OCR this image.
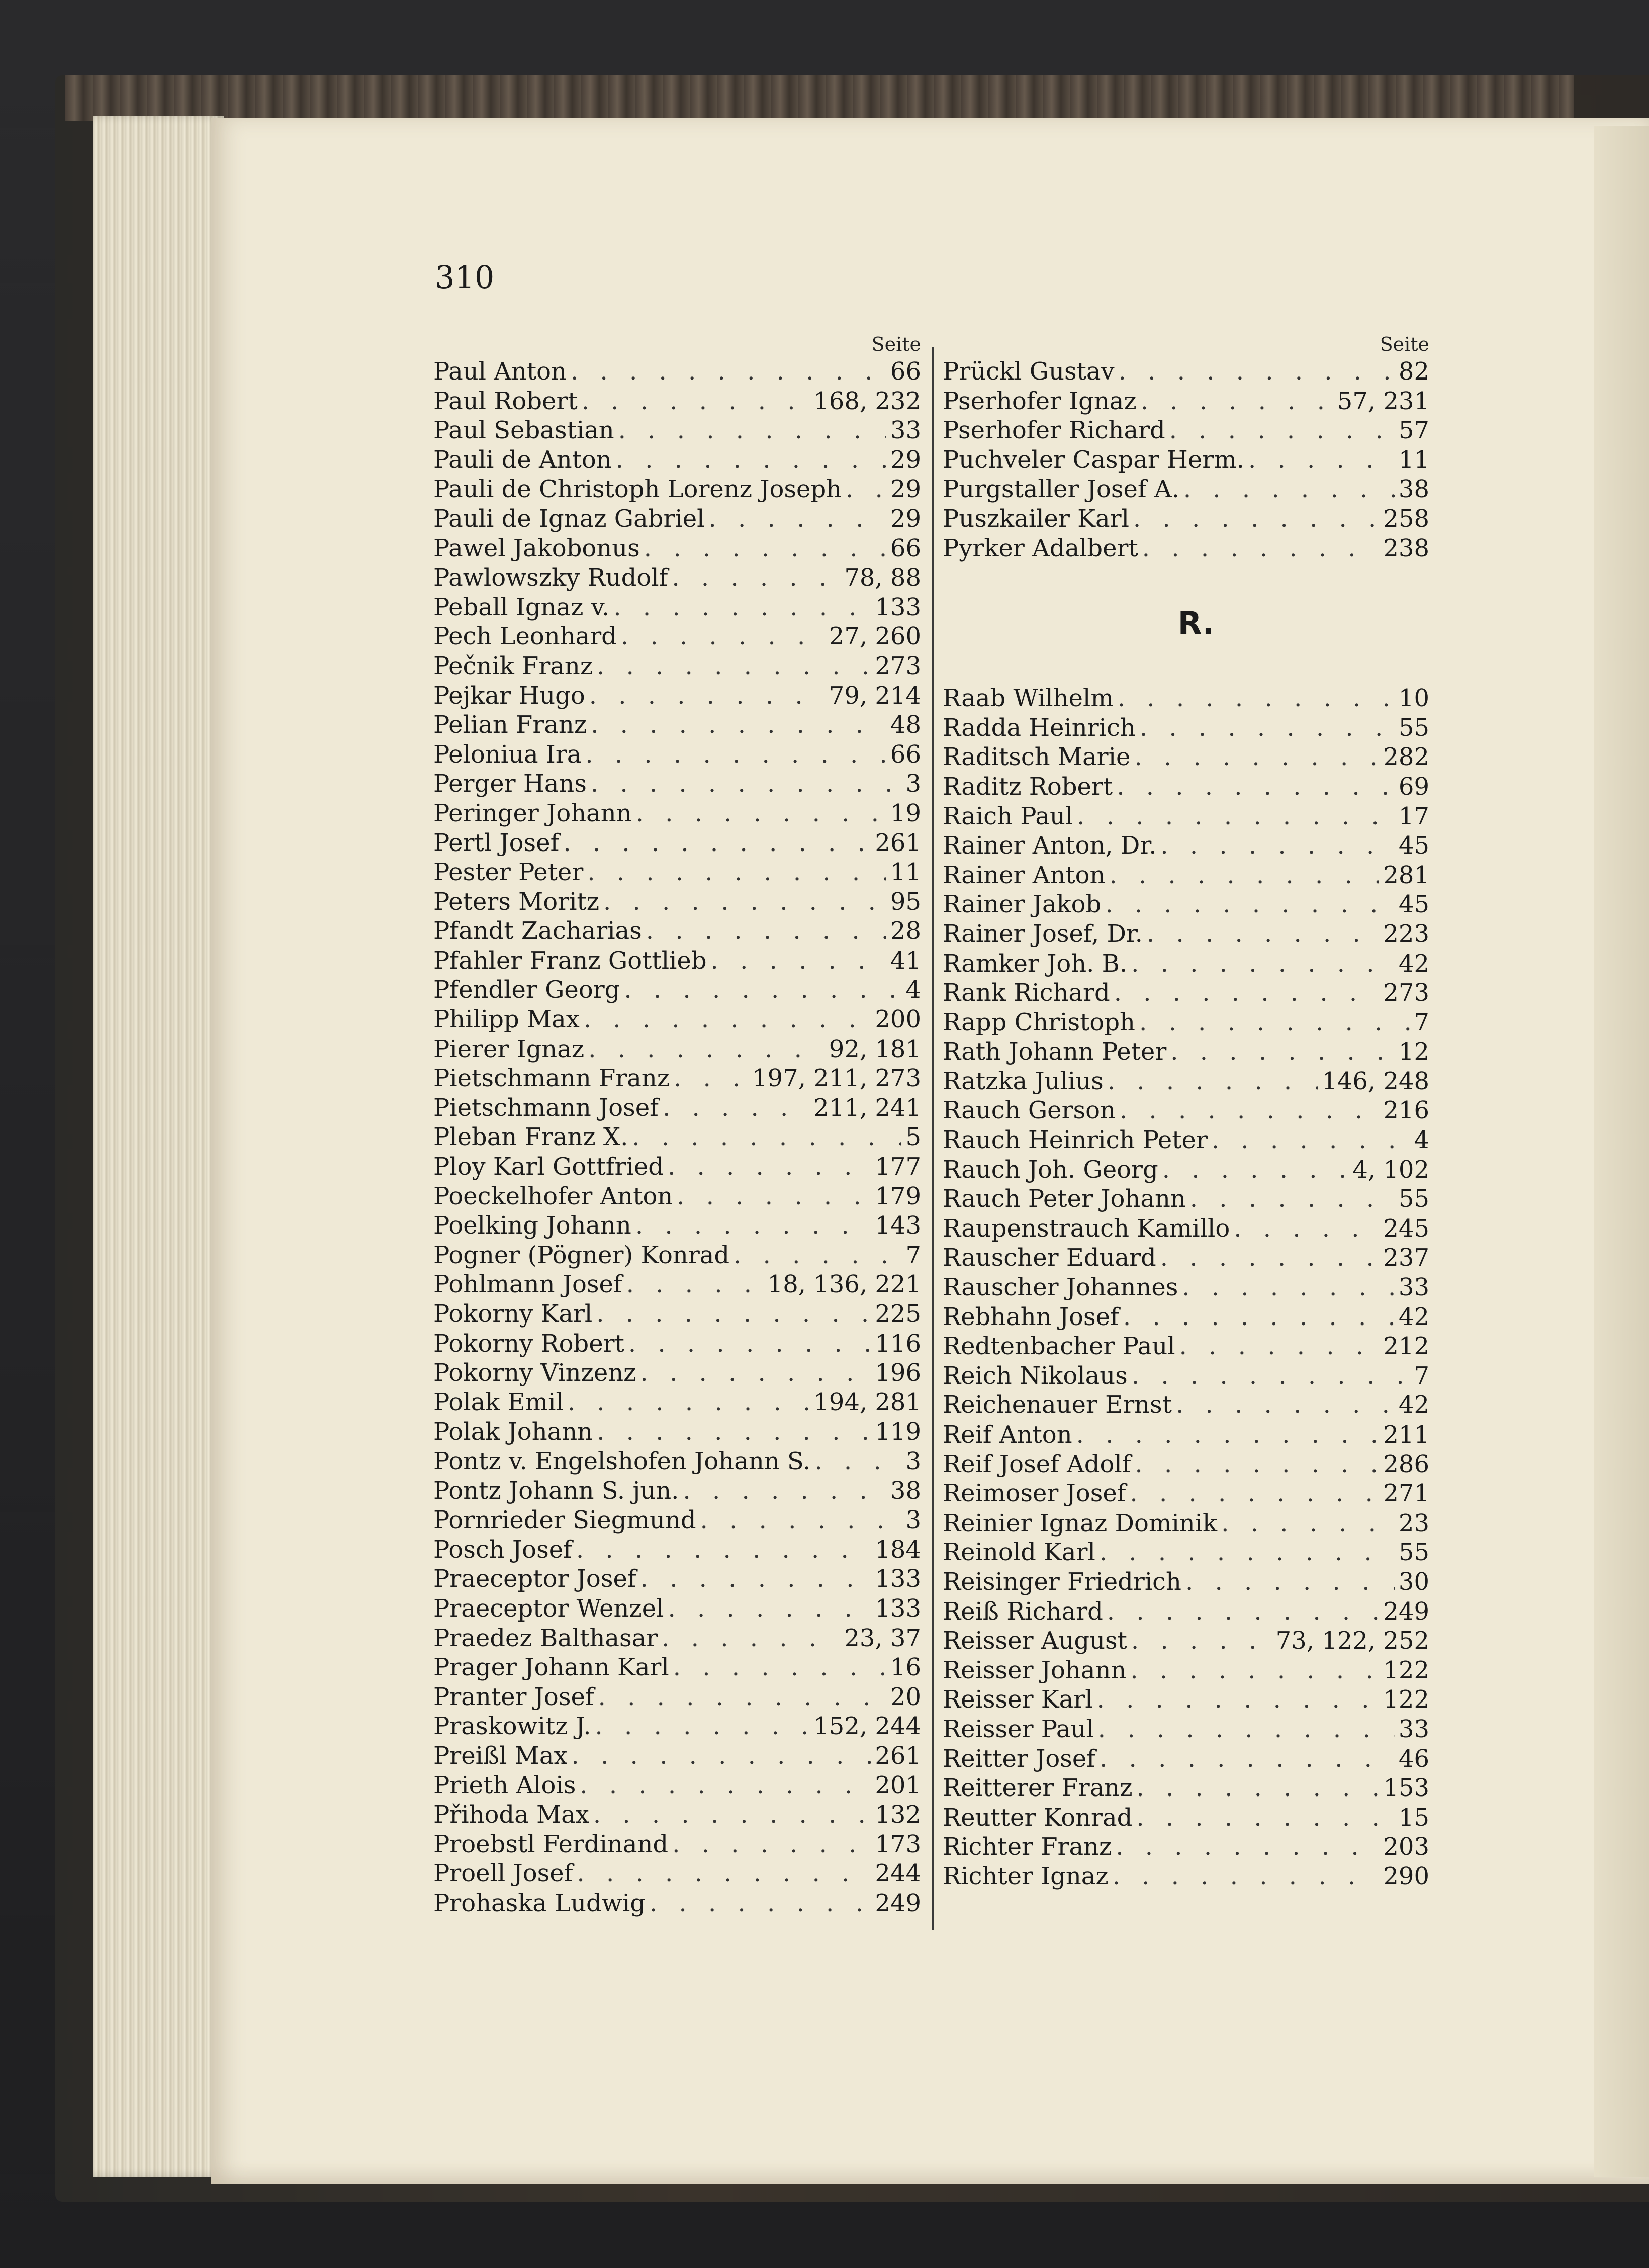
310
Seite
Paul Anton . . .	66
Paul Robert . . .	168, 232
Paul Sebastian . . .	33
Pauli de Anton . . .	29
Pauli de Christoph Lorenz Joseph . . . 29
Pauli de Ignaz Gabriel . . .	29
Pawel Jakobonus . . .	66
Pawlowszky Rudolf . . .	78, 88
Peball Ignaz v. . . .	133
Pech Leonhard . . .	27, 260
Pečnik Franz . . .	273
Pejkar Hugo . . .	79, 214
Pelian Franz . . .	48
Peloniua Ira . . .	66
Perger Hans . . .	3
Peringer Johann . . .	19
Pertl Josef . . .	261
Pester Peter . . .	11
Peters Moritz . . .	95
Pfandt Zacharias . . .	28
Pfahler Franz Gottlieb . . .	41
Pfendler Georg . . .	4
Philipp Max . . .	200
Pierer Ignaz . . .	92, 181
Pietschmann Franz . . .	197, 211, 273
Pietschmann Josef . . .	211, 241
Pleban Franz X. . . .	5
Ploy Karl Gottfried . . .	177
Poeckelhofer Anton . . .	179
Poelking Johann . . .	143
Pogner (Pögner) Konrad . . .	7
Pohlmann Josef . . .	18, 136, 221
Pokorny Karl . . .	225
Pokorny Robert . . .	116
Pokorny Vinzenz . . .	196
Polak Emil . . .	194, 281
Polak Johann . . .	119
Pontz v. Engelshofen Johann S. . . .	3
Pontz Johann S. jun. . . .	38
Pornrieder Siegmund . . .	3
Posch Josef . . .	184
Praeceptor Josef . . .	133
Praeceptor Wenzel . . .	133
Praedez Balthasar . . .	23, 37
Prager Johann Karl . . .	16
Pranter Josef . . .	20
Praskowitz J. . . .	152, 244
Preißl Max . . .	261
Prieth Alois . . .	201
Přihoda Max . . .	132
Proebstl Ferdinand . . .	173
Proell Josef . . .	244
Prohaska Ludwig . . .	249
Seite
Prückl Gustav . . .	82
Pserhofer Ignaz . . .	57, 231
Pserhofer Richard . . .	57
Puchveler Caspar Herm. . . .	11
Purgstaller Josef A. . . .	38
Puszkailer Karl . . .	258
Pyrker Adalbert . . .	238
R.
Raab Wilhelm . . .	10
Radda Heinrich . . .	55
Raditsch Marie . . .	282
Raditz Robert . . .	69
Raich Paul . . .	17
Rainer Anton, Dr. . . .	45
Rainer Anton . . .	281
Rainer Jakob . . .	45
Rainer Josef, Dr. . . .	223
Ramker Joh. B. . . .	42
Rank Richard . . .	273
Rapp Christoph . . .	7
Rath Johann Peter . . .	12
Ratzka Julius . . .	146, 248
Rauch Gerson . . .	216
Rauch Heinrich Peter . . .	4
Rauch Joh. Georg . . .	4, 102
Rauch Peter Johann . . .	55
Raupenstrauch Kamillo . . .	245
Rauscher Eduard . . .	237
Rauscher Johannes . . .	33
Rebhahn Josef . . .	42
Redtenbacher Paul . . .	212
Reich Nikolaus . . .	7
Reichenauer Ernst . . .	42
Reif Anton . . .	211
Reif Josef Adolf . . .	286
Reimoser Josef . . .	271
Reinier Ignaz Dominik . . .	23
Reinold Karl . . .	55
Reisinger Friedrich . . .	30
Reiß Richard . . .	249
Reisser August . . .	73, 122, 252
Reisser Johann . . .	122
Reisser Karl . . .	122
Reisser Paul . . .	33
Reitter Josef . . .	46
Reitterer Franz . . .	153
Reutter Konrad . . .	15
Richter Franz . . .	203
Richter Ignaz . . .	290
